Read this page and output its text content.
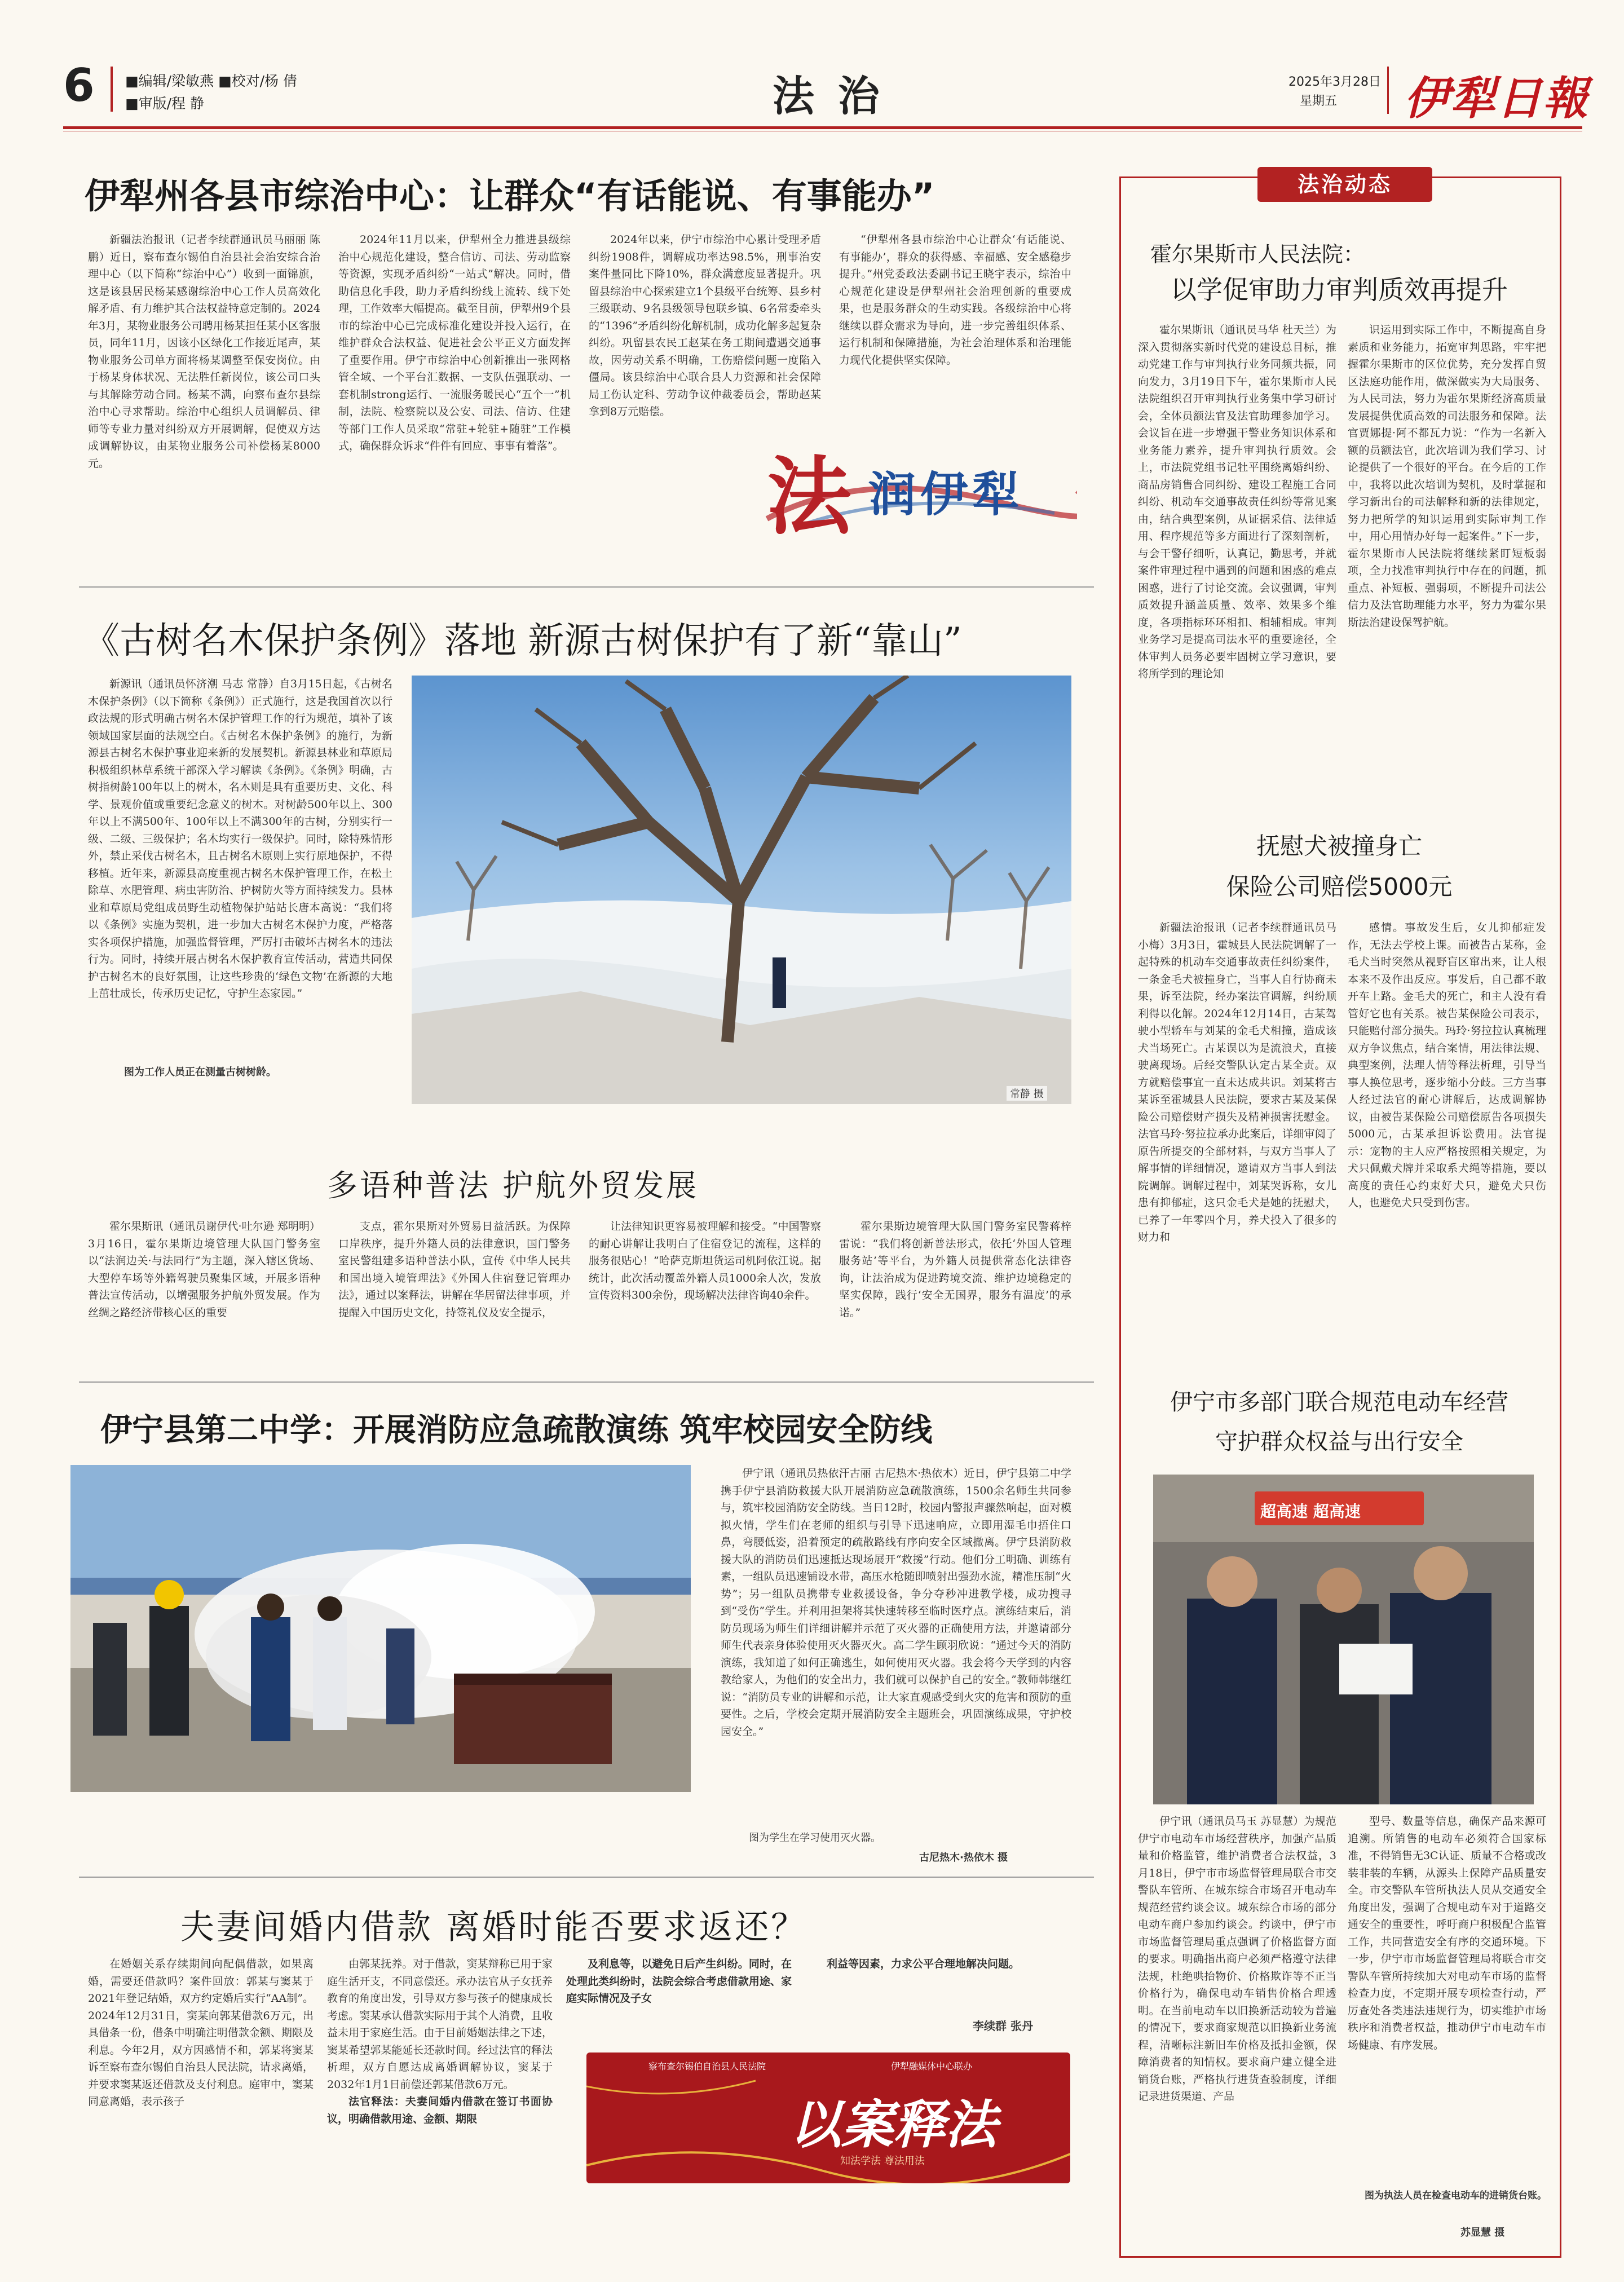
6 ■编辑/梁敏燕 ■校对/杨 倩
■审版/程 静	法 治	2025年3月28日
星期五 伊犁日報
伊犁州各县市综治中心：让群众“有话能说、有事能办”

新疆法治报讯（记者李续群通讯员马丽丽 陈鹏）近日，察布查尔锡伯自治县社会治安综合治理中心（以下简称“综治中心”）收到一面锦旗，这是该县居民杨某感谢综治中心工作人员高效化解矛盾、有力维护其合法权益特意定制的。2024年3月，某物业服务公司聘用杨某担任某小区客服员，同年11月，因该小区绿化工作接近尾声，某物业服务公司单方面将杨某调整至保安岗位。由于杨某身体状况、无法胜任新岗位，该公司口头与其解除劳动合同。杨某不满，向察布查尔县综治中心寻求帮助。综治中心组织人员调解员、律师等专业力量对纠纷双方开展调解，促使双方达成调解协议，由某物业服务公司补偿杨某8000元。

2024年11月以来，伊犁州全力推进县级综治中心规范化建设，整合信访、司法、劳动监察等资源，实现矛盾纠纷“一站式”解决。同时，借助信息化手段，助力矛盾纠纷线上流转、线下处理，工作效率大幅提高。截至目前，伊犁州9个县市的综治中心已完成标准化建设并投入运行，在维护群众合法权益、促进社会公平正义方面发挥了重要作用。伊宁市综治中心创新推出一张网格管全域、一个平台汇数据、一支队伍强联动、一套机制strong运行、一流服务暖民心“五个一”机制，法院、检察院以及公安、司法、信访、住建等部门工作人员采取“常驻+轮驻+随驻”工作模式，确保群众诉求“件件有回应、事事有着落”。

2024年以来，伊宁市综治中心累计受理矛盾纠纷1908件，调解成功率达98.5%，刑事治安案件量同比下降10%，群众满意度显著提升。巩留县综治中心探索建立1个县级平台统筹、县乡村三级联动、9名县级领导包联乡镇、6名常委牵头的“1396”矛盾纠纷化解机制，成功化解多起复杂纠纷。巩留县农民工赵某在务工期间遭遇交通事故，因劳动关系不明确，工伤赔偿问题一度陷入僵局。该县综治中心联合县人力资源和社会保障局工伤认定科、劳动争议仲裁委员会，帮助赵某拿到8万元赔偿。

“伊犁州各县市综治中心让群众‘有话能说、有事能办’，群众的获得感、幸福感、安全感稳步提升。”州党委政法委副书记王晓宇表示，综治中心规范化建设是伊犁州社会治理创新的重要成果，也是服务群众的生动实践。各级综治中心将继续以群众需求为导向，进一步完善组织体系、运行机制和保障措施，为社会治理体系和治理能力现代化提供坚实保障。

法 润伊犁
《古树名木保护条例》落地 新源古树保护有了新“靠山”

新源讯（通讯员怀济潮 马志 常静）自3月15日起，《古树名木保护条例》（以下简称《条例》）正式施行，这是我国首次以行政法规的形式明确古树名木保护管理工作的行为规范，填补了该领域国家层面的法规空白。《古树名木保护条例》的施行，为新源县古树名木保护事业迎来新的发展契机。新源县林业和草原局积极组织林草系统干部深入学习解读《条例》。《条例》明确，古树指树龄100年以上的树木，名木则是具有重要历史、文化、科学、景观价值或重要纪念意义的树木。对树龄500年以上、300年以上不满500年、100年以上不满300年的古树，分别实行一级、二级、三级保护；名木均实行一级保护。同时，除特殊情形外，禁止采伐古树名木，且古树名木原则上实行原地保护，不得移植。近年来，新源县高度重视古树名木保护管理工作，在松土除草、水肥管理、病虫害防治、护树防火等方面持续发力。县林业和草原局党组成员野生动植物保护站站长唐本高说：“我们将以《条例》实施为契机，进一步加大古树名木保护力度，严格落实各项保护措施，加强监督管理，严厉打击破坏古树名木的违法行为。同时，持续开展古树名木保护教育宣传活动，营造共同保护古树名木的良好氛围，让这些珍贵的‘绿色文物’在新源的大地上茁壮成长，传承历史记忆，守护生态家园。”

图为工作人员正在测量古树树龄。
常静 摄
多语种普法 护航外贸发展

霍尔果斯讯（通讯员谢伊代·吐尔逊 郑明明）3月16日，霍尔果斯边境管理大队国门警务室以“法润边关·与法同行”为主题，深入辖区货场、大型停车场等外籍驾驶员聚集区域，开展多语种普法宣传活动，以增强服务护航外贸发展。作为丝绸之路经济带核心区的重要

支点，霍尔果斯对外贸易日益活跃。为保障口岸秩序，提升外籍人员的法律意识，国门警务室民警组建多语种普法小队，宣传《中华人民共和国出境入境管理法》《外国人住宿登记管理办法》，通过以案释法，讲解在华居留法律事项，并提醒入中国历史文化，持签礼仪及安全提示，

让法律知识更容易被理解和接受。“中国警察的耐心讲解让我明白了住宿登记的流程，这样的服务很贴心！”哈萨克斯坦货运司机阿依江说。据统计，此次活动覆盖外籍人员1000余人次，发放宣传资料300余份，现场解决法律咨询40余件。

霍尔果斯边境管理大队国门警务室民警蒋梓雷说：“我们将创新普法形式，依托‘外国人管理服务站’等平台，为外籍人员提供常态化法律咨询，让法治成为促进跨境交流、维护边境稳定的坚实保障，践行‘安全无国界，服务有温度’的承诺。”

伊宁县第二中学：开展消防应急疏散演练 筑牢校园安全防线

伊宁讯（通讯员热依汗古丽 古尼热木·热依木）近日，伊宁县第二中学携手伊宁县消防救援大队开展消防应急疏散演练，1500余名师生共同参与，筑牢校园消防安全防线。当日12时，校园内警报声骤然响起，面对模拟火情，学生们在老师的组织与引导下迅速响应，立即用湿毛巾捂住口鼻，弯腰低姿，沿着预定的疏散路线有序向安全区域撤离。伊宁县消防救援大队的消防员们迅速抵达现场展开“救援”行动。他们分工明确、训练有素，一组队员迅速铺设水带，高压水枪随即喷射出强劲水流，精准压制“火势”；另一组队员携带专业救援设备，争分夺秒冲进教学楼，成功搜寻到“受伤”学生。并利用担架将其快速转移至临时医疗点。演练结束后，消防员现场为师生们详细讲解并示范了灭火器的正确使用方法，并邀请部分师生代表亲身体验使用灭火器灭火。高二学生顾羽欣说：“通过今天的消防演练，我知道了如何正确逃生，如何使用灭火器。我会将今天学到的内容教给家人，为他们的安全出力，我们就可以保护自己的安全。”教师韩继红说：“消防员专业的讲解和示范，让大家直观感受到火灾的危害和预防的重要性。之后，学校会定期开展消防安全主题班会，巩固演练成果，守护校园安全。”

图为学生在学习使用灭火器。
古尼热木·热依木 摄
夫妻间婚内借款 离婚时能否要求返还？

在婚姻关系存续期间向配偶借款，如果离婚，需要还借款吗？案件回放：郭某与窦某于2021年登记结婚，双方约定婚后实行“AA制”。2024年12月31日，窦某向郭某借款6万元，出具借条一份，借条中明确注明借款金额、期限及利息。今年2月，双方因感情不和，郭某将窦某诉至察布查尔锡伯自治县人民法院，请求离婚，并要求窦某返还借款及支付利息。庭审中，窦某同意离婚，表示孩子

由郭某抚养。对于借款，窦某辩称已用于家庭生活开支，不同意偿还。承办法官从子女抚养教育的角度出发，引导双方参与孩子的健康成长考虑。窦某承认借款实际用于其个人消费，且收益未用于家庭生活。由于目前婚姻法律之下述，窦某希望郭某能延长还款时间。经过法官的释法析理，双方自愿达成离婚调解协议，窦某于2032年1月1日前偿还郭某借款6万元。

法官释法：夫妻间婚内借款在签订书面协议，明确借款用途、金额、期限

及利息等，以避免日后产生纠纷。同时，在处理此类纠纷时，法院会综合考虑借款用途、家庭实际情况及子女

利益等因素，力求公平合理地解决问题。

李续群 张丹
察布查尔锡伯自治县人民法院	伊犁融媒体中心联办
以案释法
知法学法 尊法用法
法治动态
霍尔果斯市人民法院：
以学促审助力审判质效再提升

霍尔果斯讯（通讯员马华 杜天兰）为深入贯彻落实新时代党的建设总目标，推动党建工作与审判执行业务同频共振，同向发力，3月19日下午，霍尔果斯市人民法院组织召开审判执行业务集中学习研讨会，全体员额法官及法官助理参加学习。会议旨在进一步增强干警业务知识体系和业务能力素养，提升审判执行质效。会上，市法院党组书记牡平围绕离婚纠纷、商品房销售合同纠纷、建设工程施工合同纠纷、机动车交通事故责任纠纷等常见案由，结合典型案例，从证据采信、法律适用、程序规范等多方面进行了深刻剖析，与会干警仔细听，认真记，勤思考，并就案件审理过程中遇到的问题和困惑的难点困惑，进行了讨论交流。会议强调，审判质效提升涵盖质量、效率、效果多个维度，各项指标环环相扣、相辅相成。审判业务学习是提高司法水平的重要途径，全体审判人员务必要牢固树立学习意识，要将所学到的理论知

识运用到实际工作中，不断提高自身素质和业务能力，拓宽审判思路，牢牢把握霍尔果斯市的区位优势，充分发挥自贸区法庭功能作用，做深做实为大局服务、为人民司法，努力为霍尔果斯经济高质量发展提供优质高效的司法服务和保障。法官贾娜提·阿不都瓦力说：“作为一名新入额的员额法官，此次培训为我们学习、讨论提供了一个很好的平台。在今后的工作中，我将以此次培训为契机，及时掌握和学习新出台的司法解释和新的法律规定，努力把所学的知识运用到实际审判工作中，用心用情办好每一起案件。”下一步，霍尔果斯市人民法院将继续紧盯短板弱项，全力找准审判执行中存在的问题，抓重点、补短板、强弱项，不断提升司法公信力及法官助理能力水平，努力为霍尔果斯法治建设保驾护航。

抚慰犬被撞身亡
保险公司赔偿5000元

新疆法治报讯（记者李续群通讯员马小梅）3月3日，霍城县人民法院调解了一起特殊的机动车交通事故责任纠纷案件，一条金毛犬被撞身亡，当事人自行协商未果，诉至法院，经办案法官调解，纠纷顺利得以化解。2024年12月14日，古某驾驶小型轿车与刘某的金毛犬相撞，造成该犬当场死亡。古某误以为是流浪犬，直接驶离现场。后经交警队认定古某全责。双方就赔偿事宜一直未达成共识。刘某将古某诉至霍城县人民法院，要求古某及某保险公司赔偿财产损失及精神损害抚慰金。法官马玲·努拉拉承办此案后，详细审阅了原告所提交的全部材料，与双方当事人了解事情的详细情况，邀请双方当事人到法院调解。调解过程中，刘某哭诉称，女儿患有抑郁症，这只金毛犬是她的抚慰犬，已养了一年零四个月，养犬投入了很多的财力和

感情。事故发生后，女儿抑郁症发作，无法去学校上课。而被告古某称，金毛犬当时突然从视野盲区窜出来，让人根本来不及作出反应。事发后，自己都不敢开车上路。金毛犬的死亡，和主人没有看管好它也有关系。被告某保险公司表示，只能赔付部分损失。玛玲·努拉拉认真梳理双方争议焦点，结合案情，用法律法规、典型案例，法理人情等释法析理，引导当事人换位思考，逐步缩小分歧。三方当事人经过法官的耐心讲解后，达成调解协议，由被告某保险公司赔偿原告各项损失5000元，古某承担诉讼费用。法官提示：宠物的主人应严格按照相关规定，为犬只佩戴犬牌并采取系犬绳等措施，要以高度的责任心约束好犬只，避免犬只伤人，也避免犬只受到伤害。

伊宁市多部门联合规范电动车经营
守护群众权益与出行安全
超高速 超高速

伊宁讯（通讯员马玉 苏显慧）为规范伊宁市电动车市场经营秩序，加强产品质量和价格监管，维护消费者合法权益，3月18日，伊宁市市场监督管理局联合市交警队车管所、在城东综合市场召开电动车规范经营约谈会议。城东综合市场的部分电动车商户参加约谈会。约谈中，伊宁市市场监督管理局重点强调了价格监督方面的要求。明确指出商户必须严格遵守法律法规，杜绝哄抬物价、价格欺诈等不正当价格行为，确保电动车销售价格合理透明。在当前电动车以旧换新活动较为普遍的情况下，要求商家规范以旧换新业务流程，清晰标注新旧车价格及抵扣金额，保障消费者的知情权。要求商户建立健全进销货台账，严格执行进货查验制度，详细记录进货渠道、产品

型号、数量等信息，确保产品来源可追溯。所销售的电动车必须符合国家标准，不得销售无3C认证、质量不合格或改装非装的车辆，从源头上保障产品质量安全。市交警队车管所执法人员从交通安全角度出发，强调了合规电动车对于道路交通安全的重要性，呼吁商户积极配合监管工作，共同营造安全有序的交通环境。下一步，伊宁市市场监督管理局将联合市交警队车管所持续加大对电动车市场的监督检查力度，不定期开展专项检查行动，严厉查处各类违法违规行为，切实维护市场秩序和消费者权益，推动伊宁市电动车市场健康、有序发展。

图为执法人员在检查电动车的进销货台账。
苏显慧 摄
